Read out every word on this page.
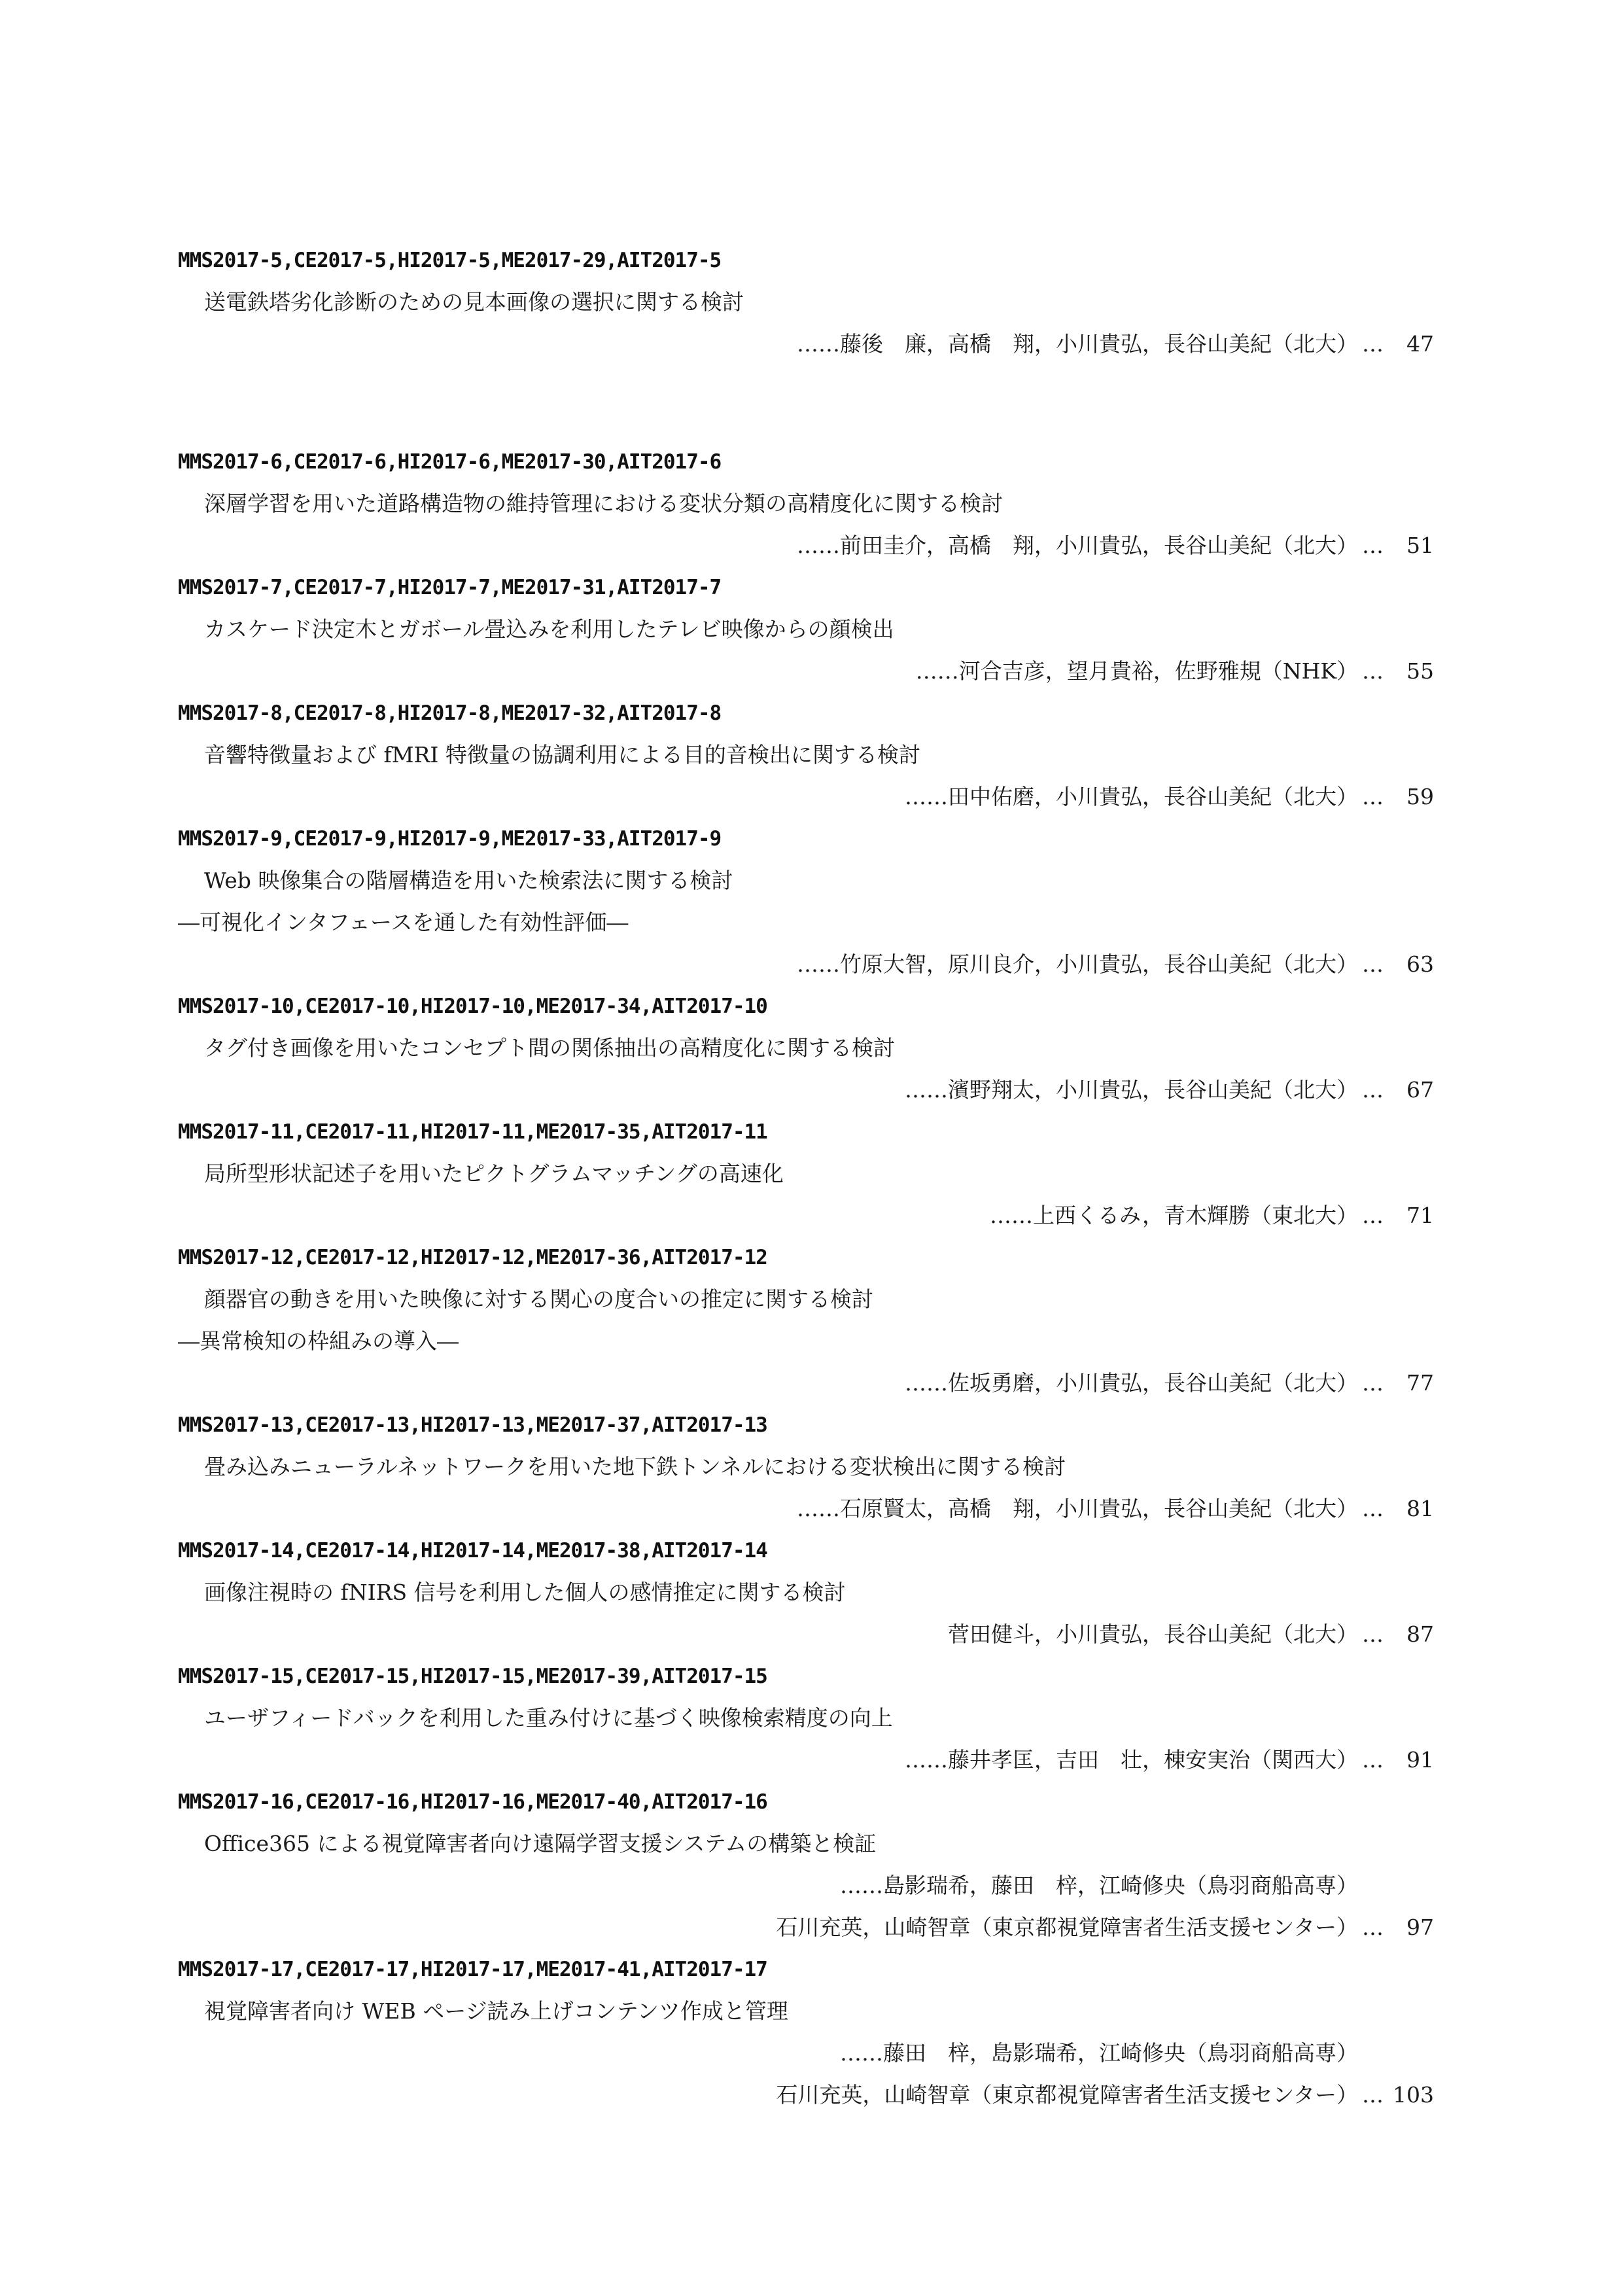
MMS2017-5,CE2017-5,HI2017-5,ME2017-29,AIT2017-5
送電鉄塔劣化診断のための見本画像の選択に関する検討
……藤後　廉，高橋　翔，小川貴弘，長谷山美紀（北大） …	47
MMS2017-6,CE2017-6,HI2017-6,ME2017-30,AIT2017-6
深層学習を用いた道路構造物の維持管理における変状分類の高精度化に関する検討
……前田圭介，高橋　翔，小川貴弘，長谷山美紀（北大） …	51
MMS2017-7,CE2017-7,HI2017-7,ME2017-31,AIT2017-7
カスケード決定木とガボール畳込みを利用したテレビ映像からの顔検出
……河合吉彦，望月貴裕，佐野雅規（NHK） …	55
MMS2017-8,CE2017-8,HI2017-8,ME2017-32,AIT2017-8
音響特徴量および fMRI 特徴量の協調利用による目的音検出に関する検討
……田中佑磨，小川貴弘，長谷山美紀（北大） …	59
MMS2017-9,CE2017-9,HI2017-9,ME2017-33,AIT2017-9
Web 映像集合の階層構造を用いた検索法に関する検討
―可視化インタフェースを通した有効性評価―
……竹原大智，原川良介，小川貴弘，長谷山美紀（北大） …	63
MMS2017-10,CE2017-10,HI2017-10,ME2017-34,AIT2017-10
タグ付き画像を用いたコンセプト間の関係抽出の高精度化に関する検討
……濱野翔太，小川貴弘，長谷山美紀（北大） …	67
MMS2017-11,CE2017-11,HI2017-11,ME2017-35,AIT2017-11
局所型形状記述子を用いたピクトグラムマッチングの高速化
……上西くるみ，青木輝勝（東北大） …	71
MMS2017-12,CE2017-12,HI2017-12,ME2017-36,AIT2017-12
顔器官の動きを用いた映像に対する関心の度合いの推定に関する検討
―異常検知の枠組みの導入―
……佐坂勇磨，小川貴弘，長谷山美紀（北大） …	77
MMS2017-13,CE2017-13,HI2017-13,ME2017-37,AIT2017-13
畳み込みニューラルネットワークを用いた地下鉄トンネルにおける変状検出に関する検討
……石原賢太，高橋　翔，小川貴弘，長谷山美紀（北大） …	81
MMS2017-14,CE2017-14,HI2017-14,ME2017-38,AIT2017-14
画像注視時の fNIRS 信号を利用した個人の感情推定に関する検討
菅田健斗，小川貴弘，長谷山美紀（北大） …	87
MMS2017-15,CE2017-15,HI2017-15,ME2017-39,AIT2017-15
ユーザフィードバックを利用した重み付けに基づく映像検索精度の向上
……藤井孝匡，吉田　壮，棟安実治（関西大） …	91
MMS2017-16,CE2017-16,HI2017-16,ME2017-40,AIT2017-16
Office365 による視覚障害者向け遠隔学習支援システムの構築と検証
……島影瑞希，藤田　梓，江崎修央（鳥羽商船高専）
石川充英，山崎智章（東京都視覚障害者生活支援センター） …	97
MMS2017-17,CE2017-17,HI2017-17,ME2017-41,AIT2017-17
視覚障害者向け WEB ページ読み上げコンテンツ作成と管理
……藤田　梓，島影瑞希，江崎修央（鳥羽商船高専）
石川充英，山崎智章（東京都視覚障害者生活支援センター） … 103
